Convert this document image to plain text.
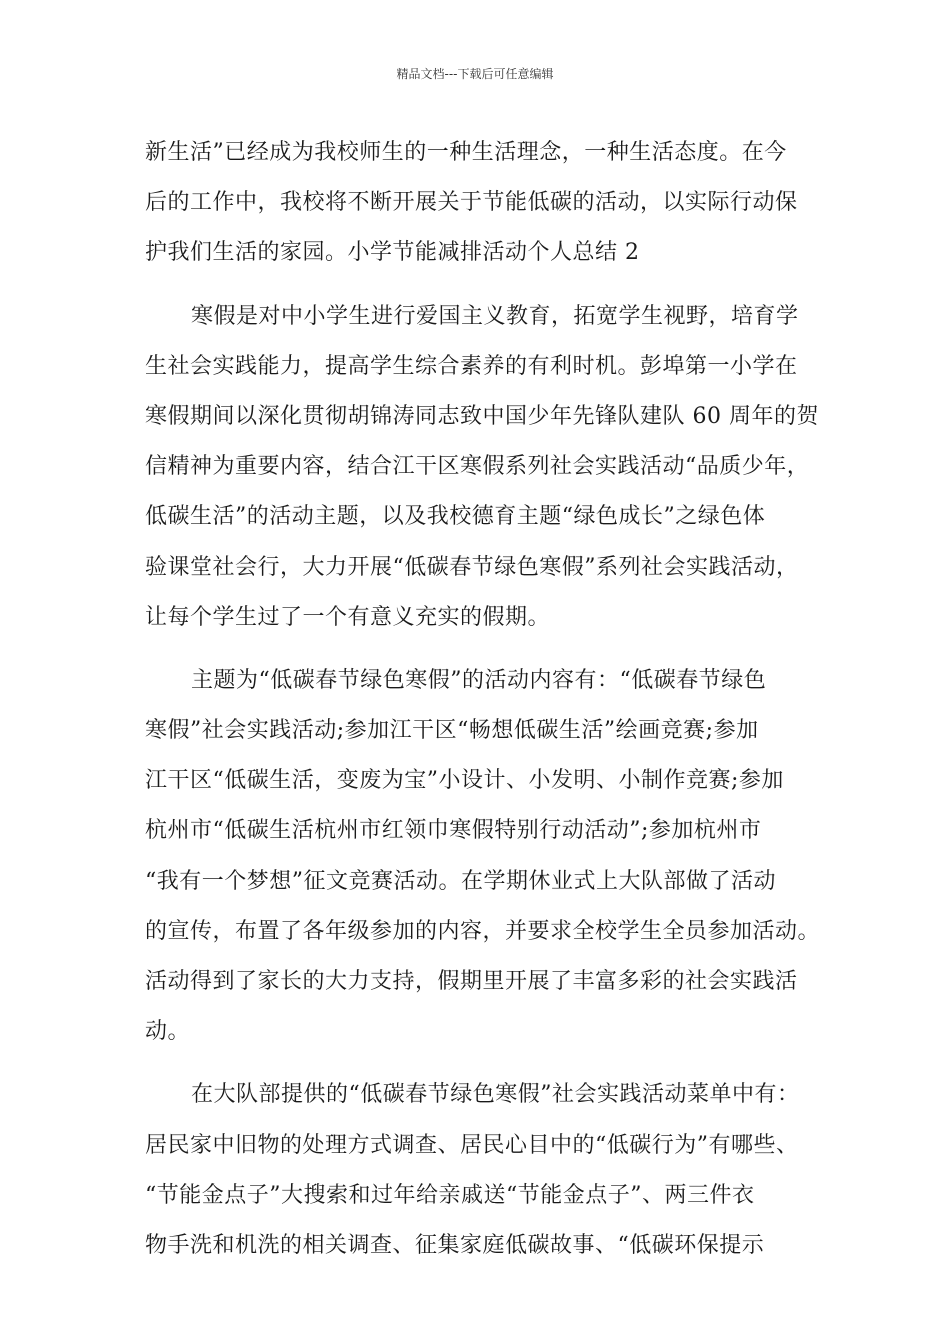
精品文档---下载后可任意编辑
新生活”已经成为我校师生的一种生活理念，一种生活态度。在今
后的工作中，我校将不断开展关于节能低碳的活动，以实际行动保
护我们生活的家园。小学节能减排活动个人总结 2
寒假是对中小学生进行爱国主义教育，拓宽学生视野，培育学
生社会实践能力，提高学生综合素养的有利时机。彭埠第一小学在
寒假期间以深化贯彻胡锦涛同志致中国少年先锋队建队 60 周年的贺
信精神为重要内容，结合江干区寒假系列社会实践活动“品质少年，
低碳生活”的活动主题，以及我校德育主题“绿色成长”之绿色体
验课堂社会行，大力开展“低碳春节绿色寒假”系列社会实践活动，
让每个学生过了一个有意义充实的假期。
主题为“低碳春节绿色寒假”的活动内容有：“低碳春节绿色
寒假”社会实践活动;参加江干区“畅想低碳生活”绘画竞赛;参加
江干区“低碳生活，变废为宝”小设计、小发明、小制作竞赛;参加
杭州市“低碳生活杭州市红领巾寒假特别行动活动”;参加杭州市
“我有一个梦想”征文竞赛活动。在学期休业式上大队部做了活动
的宣传，布置了各年级参加的内容，并要求全校学生全员参加活动。
活动得到了家长的大力支持，假期里开展了丰富多彩的社会实践活
动。
在大队部提供的“低碳春节绿色寒假”社会实践活动菜单中有：
居民家中旧物的处理方式调查、居民心目中的“低碳行为”有哪些、
“节能金点子”大搜索和过年给亲戚送“节能金点子”、两三件衣
物手洗和机洗的相关调查、征集家庭低碳故事、“低碳环保提示
